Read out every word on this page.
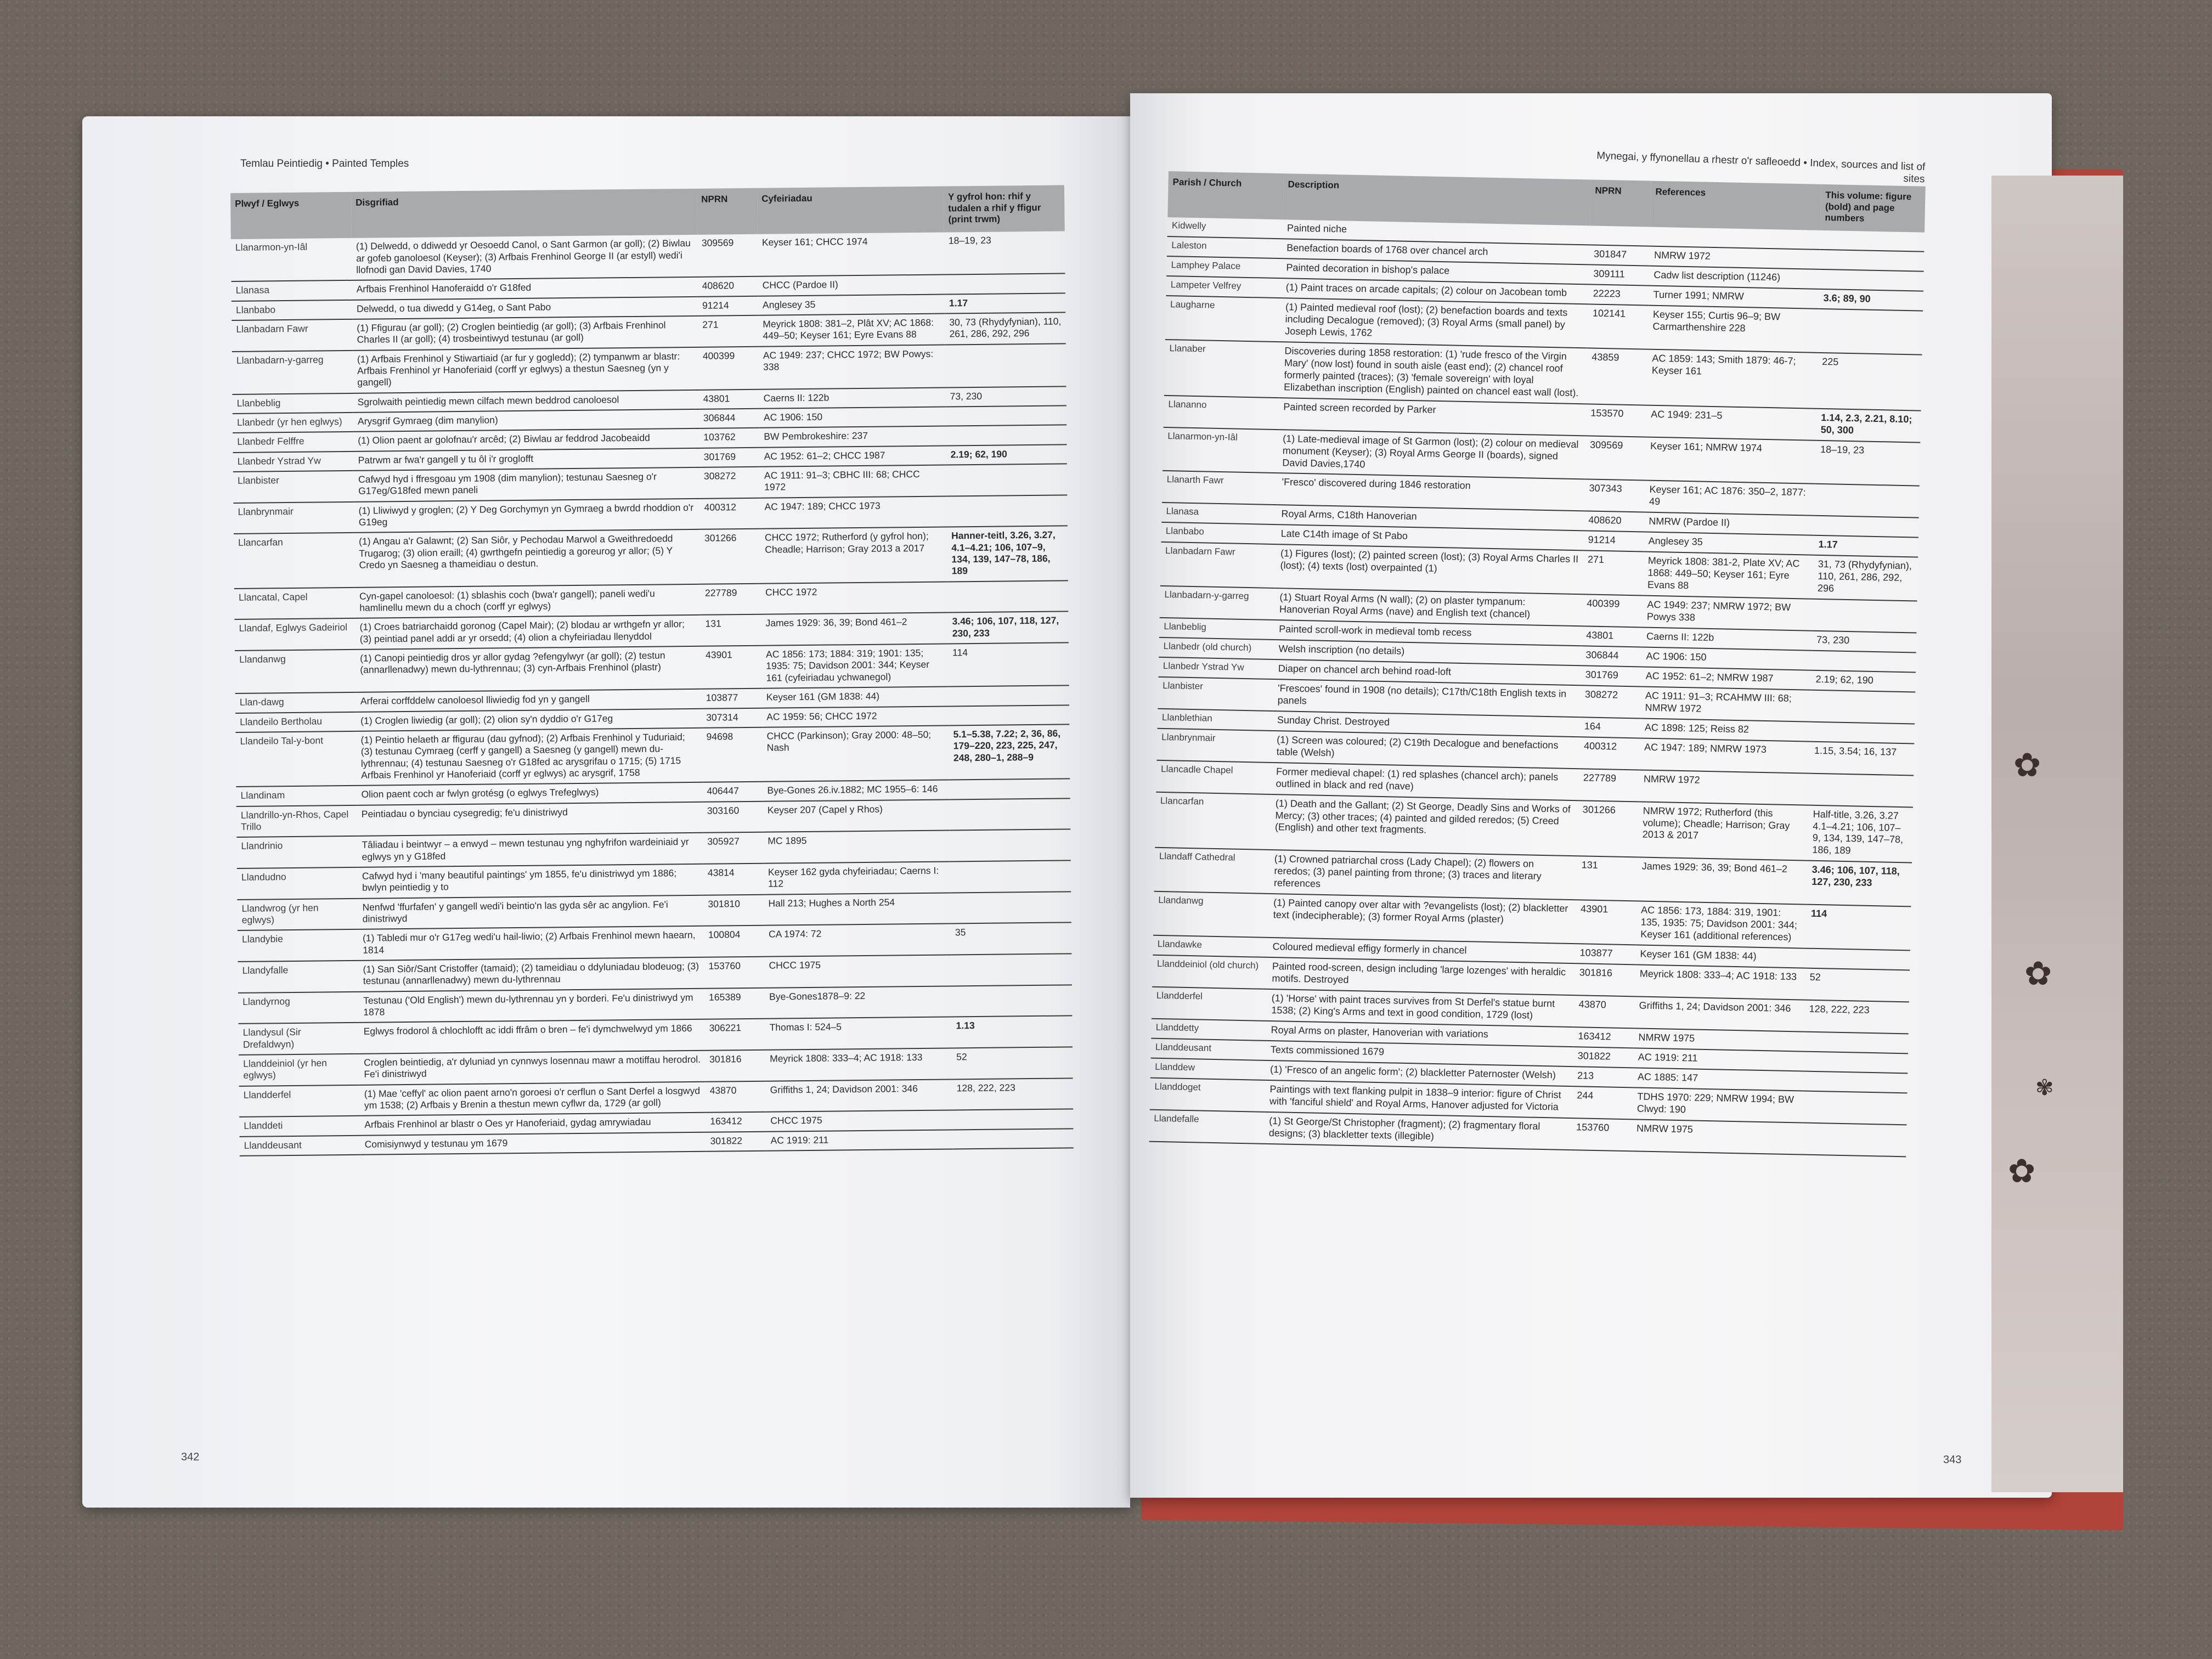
✿
✿
✿
✾
Temlau Peintiedig • Painted Temples	Mynegai, y ffynonellau a rhestr o'r safleoedd • Index, sources and list of sites
Plwyf / Eglwys	Disgrifiad	NPRN	Cyfeiriadau	Y gyfrol hon: rhif y tudalen a rhif y ffigur (print trwm)
Llanarmon-yn-Iâl	(1) Delwedd, o ddiwedd yr Oesoedd Canol, o Sant Garmon (ar goll); (2) Biwlau ar gofeb ganoloesol (Keyser); (3) Arfbais Frenhinol George II (ar estyll) wedi'i llofnodi gan David Davies, 1740	309569	Keyser 161; CHCC 1974	18–19, 23
Llanasa	Arfbais Frenhinol Hanoferaidd o'r G18fed	408620	CHCC (Pardoe II)	
Llanbabo	Delwedd, o tua diwedd y G14eg, o Sant Pabo	91214	Anglesey 35	1.17
Llanbadarn Fawr	(1) Ffigurau (ar goll); (2) Croglen beintiedig (ar goll); (3) Arfbais Frenhinol Charles II (ar goll); (4) trosbeintiwyd testunau (ar goll)	271	Meyrick 1808: 381–2, Plât XV; AC 1868: 449–50; Keyser 161; Eyre Evans 88	30, 73 (Rhydyfynian), 110, 261, 286, 292, 296
Llanbadarn-y-garreg	(1) Arfbais Frenhinol y Stiwartiaid (ar fur y gogledd); (2) tympanwm ar blastr: Arfbais Frenhinol yr Hanoferiaid (corff yr eglwys) a thestun Saesneg (yn y gangell)	400399	AC 1949: 237; CHCC 1972; BW Powys: 338	
Llanbeblig	Sgrolwaith peintiedig mewn cilfach mewn beddrod canoloesol	43801	Caerns II: 122b	73, 230
Llanbedr (yr hen eglwys)	Arysgrif Gymraeg (dim manylion)	306844	AC 1906: 150	
Llanbedr Felffre	(1) Olion paent ar golofnau'r arcêd; (2) Biwlau ar feddrod Jacobeaidd	103762	BW Pembrokeshire: 237	
Llanbedr Ystrad Yw	Patrwm ar fwa'r gangell y tu ôl i'r groglofft	301769	AC 1952: 61–2; CHCC 1987	2.19; 62, 190
Llanbister	Cafwyd hyd i ffresgoau ym 1908 (dim manylion); testunau Saesneg o'r G17eg/G18fed mewn paneli	308272	AC 1911: 91–3; CBHC III: 68; CHCC 1972	
Llanbrynmair	(1) Lliwiwyd y groglen; (2) Y Deg Gorchymyn yn Gymraeg a bwrdd rhoddion o'r G19eg	400312	AC 1947: 189; CHCC 1973	
Llancarfan	(1) Angau a'r Galawnt; (2) San Siôr, y Pechodau Marwol a Gweithredoedd Trugarog; (3) olion eraill; (4) gwrthgefn peintiedig a goreurog yr allor; (5) Y Credo yn Saesneg a thameidiau o destun.	301266	CHCC 1972; Rutherford (y gyfrol hon); Cheadle; Harrison; Gray 2013 a 2017	Hanner-teitl, 3.26, 3.27, 4.1–4.21; 106, 107–9, 134, 139, 147–78, 186, 189
Llancatal, Capel	Cyn-gapel canoloesol: (1) sblashis coch (bwa'r gangell); paneli wedi'u hamlinellu mewn du a choch (corff yr eglwys)	227789	CHCC 1972	
Llandaf, Eglwys Gadeiriol	(1) Croes batriarchaidd goronog (Capel Mair); (2) blodau ar wrthgefn yr allor; (3) peintiad panel addi ar yr orsedd; (4) olion a chyfeiriadau llenyddol	131	James 1929: 36, 39; Bond 461–2	3.46; 106, 107, 118, 127, 230, 233
Llandanwg	(1) Canopi peintiedig dros yr allor gydag ?efengylwyr (ar goll); (2) testun (annarllenadwy) mewn du-lythrennau; (3) cyn-Arfbais Frenhinol (plastr)	43901	AC 1856: 173; 1884: 319; 1901: 135; 1935: 75; Davidson 2001: 344; Keyser 161 (cyfeiriadau ychwanegol)	114
Llan-dawg	Arferai corffddelw canoloesol lliwiedig fod yn y gangell	103877	Keyser 161 (GM 1838: 44)	
Llandeilo Bertholau	(1) Croglen liwiedig (ar goll); (2) olion sy'n dyddio o'r G17eg	307314	AC 1959: 56; CHCC 1972	
Llandeilo Tal-y-bont	(1) Peintio helaeth ar ffigurau (dau gyfnod); (2) Arfbais Frenhinol y Tuduriaid; (3) testunau Cymraeg (cerff y gangell) a Saesneg (y gangell) mewn du-lythrennau; (4) testunau Saesneg o'r G18fed ac arysgrifau o 1715; (5) 1715 Arfbais Frenhinol yr Hanoferiaid (corff yr eglwys) ac arysgrif, 1758	94698	CHCC (Parkinson); Gray 2000: 48–50; Nash	5.1–5.38, 7.22; 2, 36, 86, 179–220, 223, 225, 247, 248, 280–1, 288–9
Llandinam	Olion paent coch ar fwlyn grotésg (o eglwys Trefeglwys)	406447	Bye-Gones 26.iv.1882; MC 1955–6: 146	
Llandrillo-yn-Rhos, Capel Trillo	Peintiadau o bynciau cysegredig; fe'u dinistriwyd	303160	Keyser 207 (Capel y Rhos)	
Llandrinio	Tâliadau i beintwyr – a enwyd – mewn testunau yng nghyfrifon wardeiniaid yr eglwys yn y G18fed	305927	MC 1895	
Llandudno	Cafwyd hyd i 'many beautiful paintings' ym 1855, fe'u dinistriwyd ym 1886; bwlyn peintiedig y to	43814	Keyser 162 gyda chyfeiriadau; Caerns I: 112	
Llandwrog (yr hen eglwys)	Nenfwd 'ffurfafen' y gangell wedi'i beintio'n las gyda sêr ac angylion. Fe'i dinistriwyd	301810	Hall 213; Hughes a North 254	
Llandybie	(1) Tabledi mur o'r G17eg wedi'u hail-liwio; (2) Arfbais Frenhinol mewn haearn, 1814	100804	CA 1974: 72	35
Llandyfalle	(1) San Siôr/Sant Cristoffer (tamaid); (2) tameidiau o ddyluniadau blodeuog; (3) testunau (annarllenadwy) mewn du-lythrennau	153760	CHCC 1975	
Llandyrnog	Testunau ('Old English') mewn du-lythrennau yn y borderi. Fe'u dinistriwyd ym 1878	165389	Bye-Gones1878–9: 22	
Llandysul (Sir Drefaldwyn)	Eglwys frodorol â chlochlofft ac iddi ffrâm o bren – fe'i dymchwelwyd ym 1866	306221	Thomas I: 524–5	1.13
Llanddeiniol (yr hen eglwys)	Croglen beintiedig, a'r dyluniad yn cynnwys losennau mawr a motiffau herodrol. Fe'i dinistriwyd	301816	Meyrick 1808: 333–4; AC 1918: 133	52
Llandderfel	(1) Mae 'ceffyl' ac olion paent arno'n goroesi o'r cerflun o Sant Derfel a losgwyd ym 1538; (2) Arfbais y Brenin a thestun mewn cyflwr da, 1729 (ar goll)	43870	Griffiths 1, 24; Davidson 2001: 346	128, 222, 223
Llanddeti	Arfbais Frenhinol ar blastr o Oes yr Hanoferiaid, gydag amrywiadau	163412	CHCC 1975	
Llanddeusant	Comisiynwyd y testunau ym 1679	301822	AC 1919: 211	
Parish / Church	Description	NPRN	References	This volume: figure (bold) and page numbers
Kidwelly	Painted niche			
Laleston	Benefaction boards of 1768 over chancel arch	301847	NMRW 1972	
Lamphey Palace	Painted decoration in bishop's palace	309111	Cadw list description (11246)	
Lampeter Velfrey	(1) Paint traces on arcade capitals; (2) colour on Jacobean tomb	22223	Turner 1991; NMRW	3.6; 89, 90
Laugharne	(1) Painted medieval roof (lost); (2) benefaction boards and texts including Decalogue (removed); (3) Royal Arms (small panel) by Joseph Lewis, 1762	102141	Keyser 155; Curtis 96–9; BW Carmarthenshire 228	
Llanaber	Discoveries during 1858 restoration: (1) 'rude fresco of the Virgin Mary' (now lost) found in south aisle (east end); (2) chancel roof formerly painted (traces); (3) 'female sovereign' with loyal Elizabethan inscription (English) painted on chancel east wall (lost).	43859	AC 1859: 143; Smith 1879: 46-7; Keyser 161	225
Llananno	Painted screen recorded by Parker	153570	AC 1949: 231–5	1.14, 2.3, 2.21, 8.10; 50, 300
Llanarmon-yn-Iâl	(1) Late-medieval image of St Garmon (lost); (2) colour on medieval monument (Keyser); (3) Royal Arms George II (boards), signed David Davies,1740	309569	Keyser 161; NMRW 1974	18–19, 23
Llanarth Fawr	'Fresco' discovered during 1846 restoration	307343	Keyser 161; AC 1876: 350–2, 1877: 49	
Llanasa	Royal Arms, C18th Hanoverian	408620	NMRW (Pardoe II)	
Llanbabo	Late C14th image of St Pabo	91214	Anglesey 35	1.17
Llanbadarn Fawr	(1) Figures (lost); (2) painted screen (lost); (3) Royal Arms Charles II (lost); (4) texts (lost) overpainted (1)	271	Meyrick 1808: 381-2, Plate XV; AC 1868: 449–50; Keyser 161; Eyre Evans 88	31, 73 (Rhydyfynian), 110, 261, 286, 292, 296
Llanbadarn-y-garreg	(1) Stuart Royal Arms (N wall); (2) on plaster tympanum: Hanoverian Royal Arms (nave) and English text (chancel)	400399	AC 1949: 237; NMRW 1972; BW Powys 338	
Llanbeblig	Painted scroll-work in medieval tomb recess	43801	Caerns II: 122b	73, 230
Llanbedr (old church)	Welsh inscription (no details)	306844	AC 1906: 150	
Llanbedr Ystrad Yw	Diaper on chancel arch behind road-loft	301769	AC 1952: 61–2; NMRW 1987	2.19; 62, 190
Llanbister	'Frescoes' found in 1908 (no details); C17th/C18th English texts in panels	308272	AC 1911: 91–3; RCAHMW III: 68; NMRW 1972	
Llanblethian	Sunday Christ. Destroyed	164	AC 1898: 125; Reiss 82	
Llanbrynmair	(1) Screen was coloured; (2) C19th Decalogue and benefactions table (Welsh)	400312	AC 1947: 189; NMRW 1973	1.15, 3.54; 16, 137
Llancadle Chapel	Former medieval chapel: (1) red splashes (chancel arch); panels outlined in black and red (nave)	227789	NMRW 1972	
Llancarfan	(1) Death and the Gallant; (2) St George, Deadly Sins and Works of Mercy; (3) other traces; (4) painted and gilded reredos; (5) Creed (English) and other text fragments.	301266	NMRW 1972; Rutherford (this volume); Cheadle; Harrison; Gray 2013 & 2017	Half-title, 3.26, 3.27 4.1–4.21; 106, 107–9, 134, 139, 147–78, 186, 189
Llandaff Cathedral	(1) Crowned patriarchal cross (Lady Chapel); (2) flowers on reredos; (3) panel painting from throne; (3) traces and literary references	131	James 1929: 36, 39; Bond 461–2	3.46; 106, 107, 118, 127, 230, 233
Llandanwg	(1) Painted canopy over altar with ?evangelists (lost); (2) blackletter text (indecipherable); (3) former Royal Arms (plaster)	43901	AC 1856: 173, 1884: 319, 1901: 135, 1935: 75; Davidson 2001: 344; Keyser 161 (additional references)	114
Llandawke	Coloured medieval effigy formerly in chancel	103877	Keyser 161 (GM 1838: 44)	
Llanddeiniol (old church)	Painted rood-screen, design including 'large lozenges' with heraldic motifs. Destroyed	301816	Meyrick 1808: 333–4; AC 1918: 133	52
Llandderfel	(1) 'Horse' with paint traces survives from St Derfel's statue burnt 1538; (2) King's Arms and text in good condition, 1729 (lost)	43870	Griffiths 1, 24; Davidson 2001: 346	128, 222, 223
Llanddetty	Royal Arms on plaster, Hanoverian with variations	163412	NMRW 1975	
Llanddeusant	Texts commissioned 1679	301822	AC 1919: 211	
Llanddew	(1) 'Fresco of an angelic form'; (2) blackletter Paternoster (Welsh)	213	AC 1885: 147	
Llanddoget	Paintings with text flanking pulpit in 1838–9 interior: figure of Christ with 'fanciful shield' and Royal Arms, Hanover adjusted for Victoria	244	TDHS 1970: 229; NMRW 1994; BW Clwyd: 190	
Llandefalle	(1) St George/St Christopher (fragment); (2) fragmentary floral designs; (3) blackletter texts (illegible)	153760	NMRW 1975	
342	343
